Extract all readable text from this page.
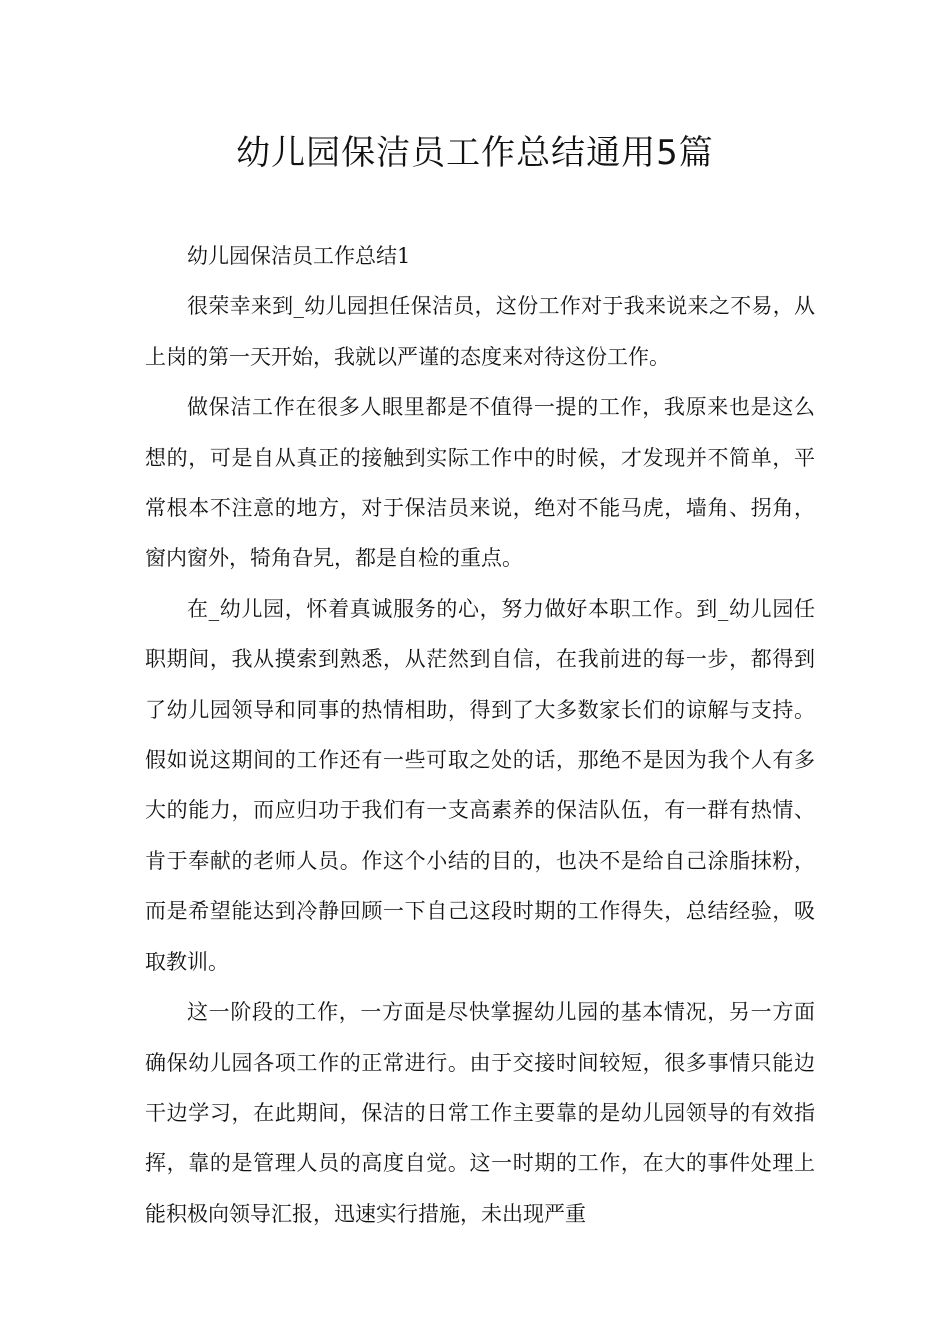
幼儿园保洁员工作总结通用5篇

幼儿园保洁员工作总结1

很荣幸来到_幼儿园担任保洁员，这份工作对于我来说来之不易，从上岗的第一天开始，我就以严谨的态度来对待这份工作。

做保洁工作在很多人眼里都是不值得一提的工作，我原来也是这么想的，可是自从真正的接触到实际工作中的时候，才发现并不简单，平常根本不注意的地方，对于保洁员来说，绝对不能马虎，墙角、拐角，窗内窗外，犄角旮旯，都是自检的重点。

在_幼儿园，怀着真诚服务的心，努力做好本职工作。到_幼儿园任职期间，我从摸索到熟悉，从茫然到自信，在我前进的每一步，都得到了幼儿园领导和同事的热情相助，得到了大多数家长们的谅解与支持。假如说这期间的工作还有一些可取之处的话，那绝不是因为我个人有多大的能力，而应归功于我们有一支高素养的保洁队伍，有一群有热情、肯于奉献的老师人员。作这个小结的目的，也决不是给自己涂脂抹粉，而是希望能达到冷静回顾一下自己这段时期的工作得失，总结经验，吸取教训。

这一阶段的工作，一方面是尽快掌握幼儿园的基本情况，另一方面确保幼儿园各项工作的正常进行。由于交接时间较短，很多事情只能边干边学习，在此期间，保洁的日常工作主要靠的是幼儿园领导的有效指挥，靠的是管理人员的高度自觉。这一时期的工作，在大的事件处理上能积极向领导汇报，迅速实行措施，未出现严重
